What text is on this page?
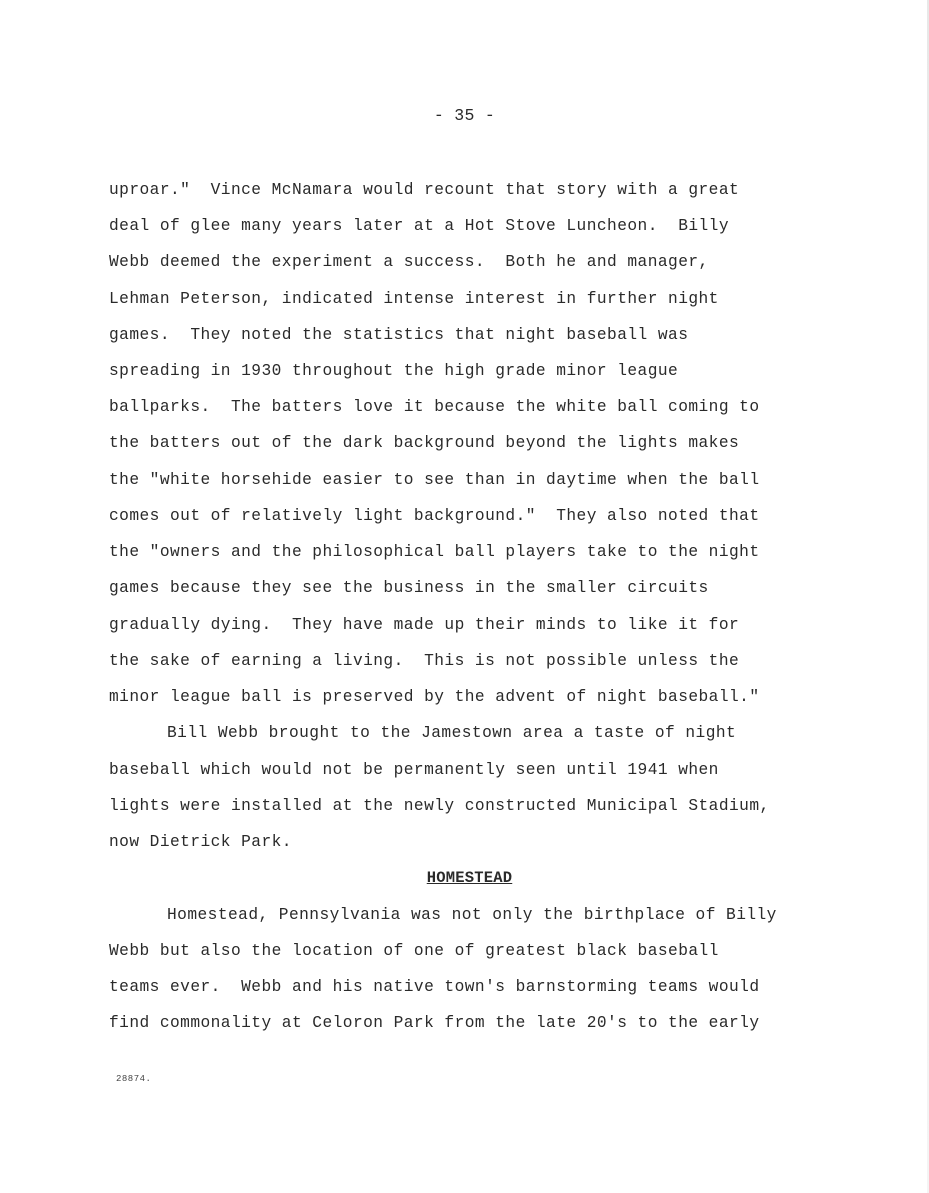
- 35 -
uproar."  Vince McNamara would recount that story with a great
deal of glee many years later at a Hot Stove Luncheon.  Billy
Webb deemed the experiment a success.  Both he and manager,
Lehman Peterson, indicated intense interest in further night
games.  They noted the statistics that night baseball was
spreading in 1930 throughout the high grade minor league
ballparks.  The batters love it because the white ball coming to
the batters out of the dark background beyond the lights makes
the "white horsehide easier to see than in daytime when the ball
comes out of relatively light background."  They also noted that
the "owners and the philosophical ball players take to the night
games because they see the business in the smaller circuits
gradually dying.  They have made up their minds to like it for
the sake of earning a living.  This is not possible unless the
minor league ball is preserved by the advent of night baseball."
Bill Webb brought to the Jamestown area a taste of night
baseball which would not be permanently seen until 1941 when
lights were installed at the newly constructed Municipal Stadium,
now Dietrick Park.
HOMESTEAD
Homestead, Pennsylvania was not only the birthplace of Billy
Webb but also the location of one of greatest black baseball
teams ever.  Webb and his native town's barnstorming teams would
find commonality at Celoron Park from the late 20's to the early
28874.
